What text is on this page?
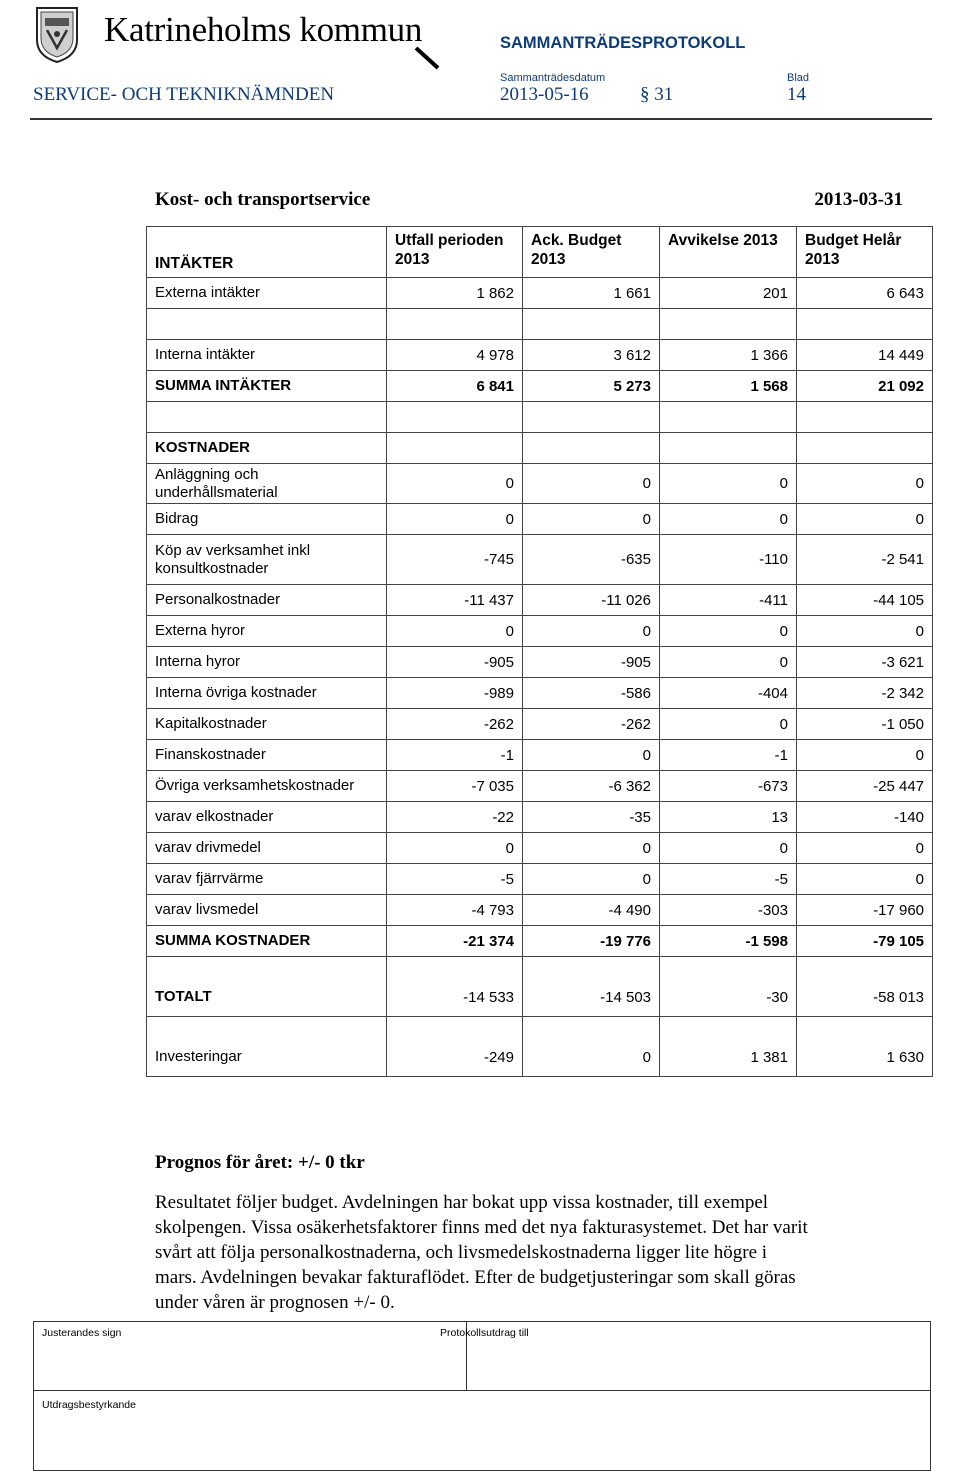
Katrineholms kommun	SAMMANTRÄDESPROTOKOLL
Sammanträdesdatum	Blad
SERVICE- OCH TEKNIKNÄMNDEN	2013-05-16	§ 31	14
Kost- och transportservice	2013-03-31
INTÄKTER	Utfall perioden 2013	Ack. Budget 2013	Avvikelse 2013	Budget Helår 2013
Externa intäkter	1 862	1 661	201	6 643

Interna intäkter	4 978	3 612	1 366	14 449
SUMMA INTÄKTER	6 841	5 273	1 568	21 092

KOSTNADER				
Anläggning och underhållsmaterial	0	0	0	0
Bidrag	0	0	0	0
Köp av verksamhet inkl konsultkostnader	-745	-635	-110	-2 541
Personalkostnader	-11 437	-11 026	-411	-44 105
Externa hyror	0	0	0	0
Interna hyror	-905	-905	0	-3 621
Interna övriga kostnader	-989	-586	-404	-2 342
Kapitalkostnader	-262	-262	0	-1 050
Finanskostnader	-1	0	-1	0
Övriga verksamhetskostnader	-7 035	-6 362	-673	-25 447
varav elkostnader	-22	-35	13	-140
varav drivmedel	0	0	0	0
varav fjärrvärme	-5	0	-5	0
varav livsmedel	-4 793	-4 490	-303	-17 960
SUMMA KOSTNADER	-21 374	-19 776	-1 598	-79 105
TOTALT	-14 533	-14 503	-30	-58 013
Investeringar	-249	0	1 381	1 630
Prognos för året: +/- 0 tkr
Resultatet följer budget. Avdelningen har bokat upp vissa kostnader, till exempel
skolpengen. Vissa osäkerhetsfaktorer finns med det nya fakturasystemet. Det har varit
svårt att följa personalkostnaderna, och livsmedelskostnaderna ligger lite högre i
mars. Avdelningen bevakar fakturaflödet. Efter de budgetjusteringar som skall göras
under våren är prognosen +/- 0.
Justerandes sign	Protokollsutdrag till
Utdragsbestyrkande
